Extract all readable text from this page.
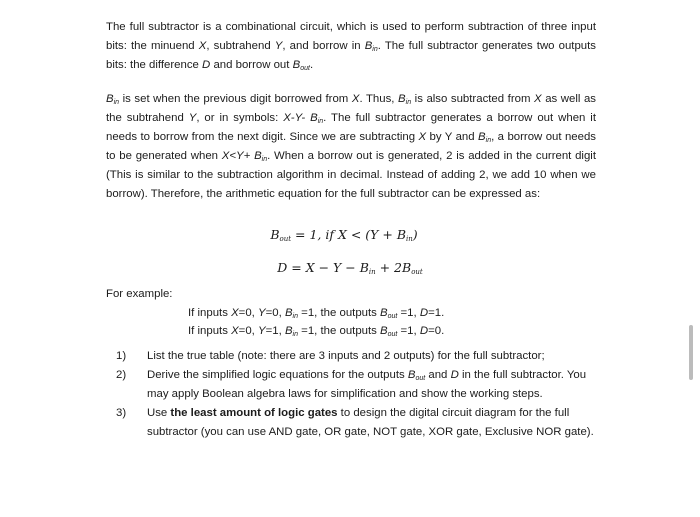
The full subtractor is a combinational circuit, which is used to perform subtraction of three input bits: the minuend X, subtrahend Y, and borrow in $B_{in}$. The full subtractor generates two outputs bits: the difference D and borrow out $B_{out}$.

$B_{in}$ is set when the previous digit borrowed from X. Thus, $B_{in}$ is also subtracted from X as well as the subtrahend Y, or in symbols: X-Y- $B_{in}$. The full subtractor generates a borrow out when it needs to borrow from the next digit. Since we are subtracting X by Y and $B_{in}$, a borrow out needs to be generated when $X<Y+ B_{in}$. When a borrow out is generated, 2 is added in the current digit (This is similar to the subtraction algorithm in decimal. Instead of adding 2, we add 10 when we borrow). Therefore, the arithmetic equation for the full subtractor can be expressed as:

$B_{out} = 1$, if $X < (Y + B_{in})$
$D = X - Y - B_{in} + 2B_{out}$
For example:
If inputs X=0, Y=0, $B_{in} =1$, the outputs $B_{out} =1$, D=1.
If inputs X=0, Y=1, $B_{in} =1$, the outputs $B_{out} =1$, D=0.
1) List the true table (note: there are 3 inputs and 2 outputs) for the full subtractor;
2) Derive the simplified logic equations for the outputs $B_{out}$ and D in the full subtractor. You may apply Boolean algebra laws for simplification and show the working steps.
3) Use the least amount of logic gates to design the digital circuit diagram for the full subtractor (you can use AND gate, OR gate, NOT gate, XOR gate, Exclusive NOR gate).
